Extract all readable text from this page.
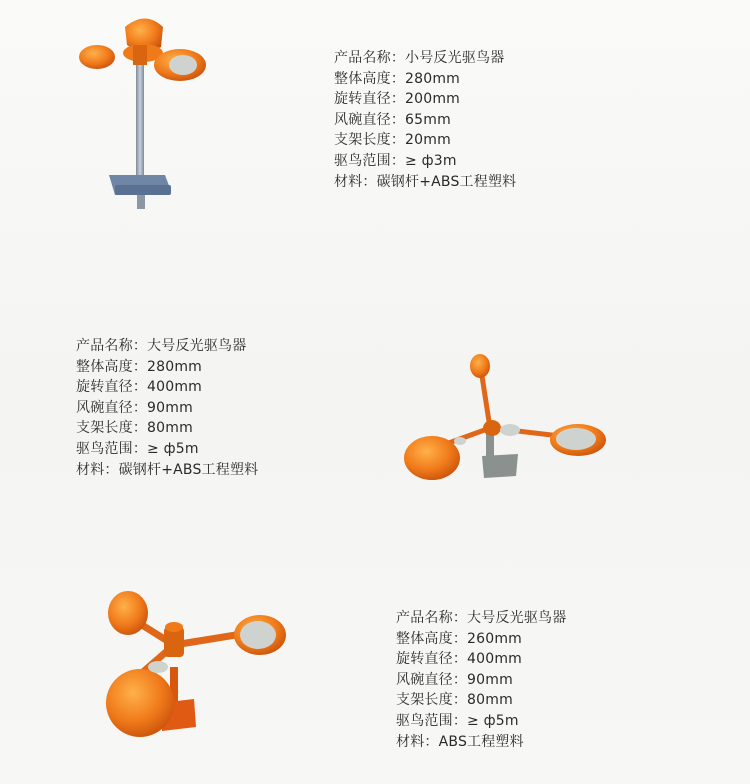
产品名称：小号反光驱鸟器
整体高度：280mm
旋转直径：200mm
风碗直径：65mm
支架长度：20mm
驱鸟范围：≥ ф3m
材料：碳钢杆+ABS工程塑料
产品名称：大号反光驱鸟器
整体高度：280mm
旋转直径：400mm
风碗直径：90mm
支架长度：80mm
驱鸟范围：≥ ф5m
材料：碳钢杆+ABS工程塑料
产品名称：大号反光驱鸟器
整体高度：260mm
旋转直径：400mm
风碗直径：90mm
支架长度：80mm
驱鸟范围：≥ ф5m
材料：ABS工程塑料
